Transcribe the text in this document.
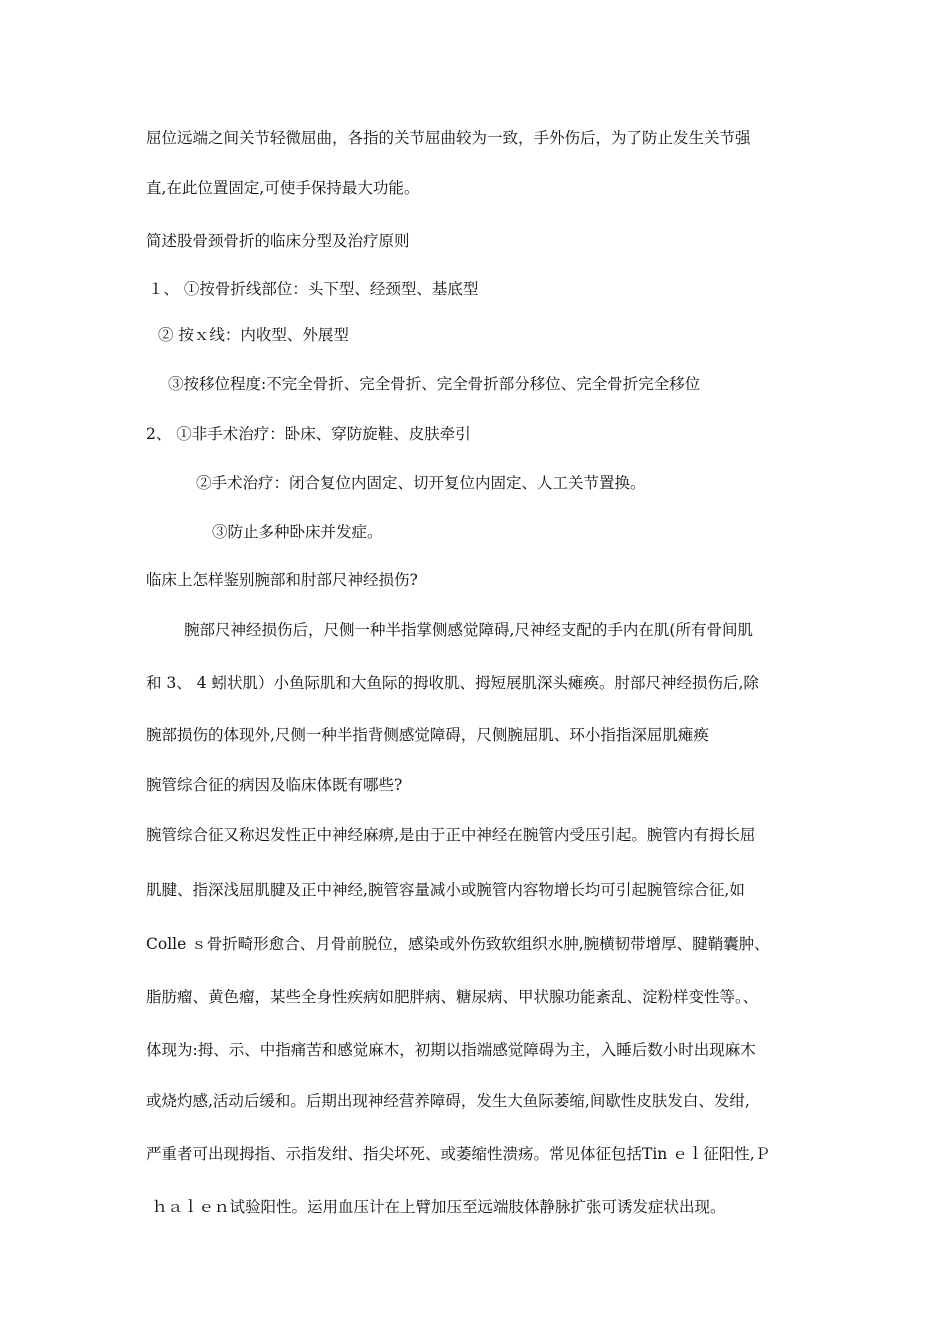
屈位远端之间关节轻微屈曲，各指的关节屈曲较为一致，手外伤后，为了防止发生关节强
直,在此位置固定,可使手保持最大功能。
简述股骨颈骨折的临床分型及治疗原则
１、 ①按骨折线部位：头下型、经颈型、基底型
② 按ｘ线：内收型、外展型
③按移位程度:不完全骨折、完全骨折、完全骨折部分移位、完全骨折完全移位
2、 ①非手术治疗：卧床、穿防旋鞋、皮肤牵引
②手术治疗：闭合复位内固定、切开复位内固定、人工关节置换。
③防止多种卧床并发症。
临床上怎样鉴别腕部和肘部尺神经损伤?
腕部尺神经损伤后，尺侧一种半指掌侧感觉障碍,尺神经支配的手内在肌(所有骨间肌
和 3、 4 蚓状肌）小鱼际肌和大鱼际的拇收肌、拇短展肌深头瘫痪。肘部尺神经损伤后,除
腕部损伤的体现外,尺侧一种半指背侧感觉障碍，尺侧腕屈肌、环小指指深屈肌瘫痪
腕管综合征的病因及临床体既有哪些?
腕管综合征又称迟发性正中神经麻痹,是由于正中神经在腕管内受压引起。腕管内有拇长屈
肌腱、指深浅屈肌腱及正中神经,腕管容量减小或腕管内容物增长均可引起腕管综合征,如
Colle ｓ骨折畸形愈合、月骨前脱位，感染或外伤致软组织水肿,腕横韧带增厚、腱鞘囊肿、
脂肪瘤、黄色瘤，某些全身性疾病如肥胖病、糖尿病、甲状腺功能紊乱、淀粉样变性等。、
体现为:拇、示、中指痛苦和感觉麻木，初期以指端感觉障碍为主，入睡后数小时出现麻木
或烧灼感,活动后缓和。后期出现神经营养障碍，发生大鱼际萎缩,间歇性皮肤发白、发绀,
严重者可出现拇指、示指发绀、指尖坏死、或萎缩性溃疡。常见体征包括Tin ｅｌ征阳性,Ｐ
ｈａｌｅｎ试验阳性。运用血压计在上臂加压至远端肢体静脉扩张可诱发症状出现。
